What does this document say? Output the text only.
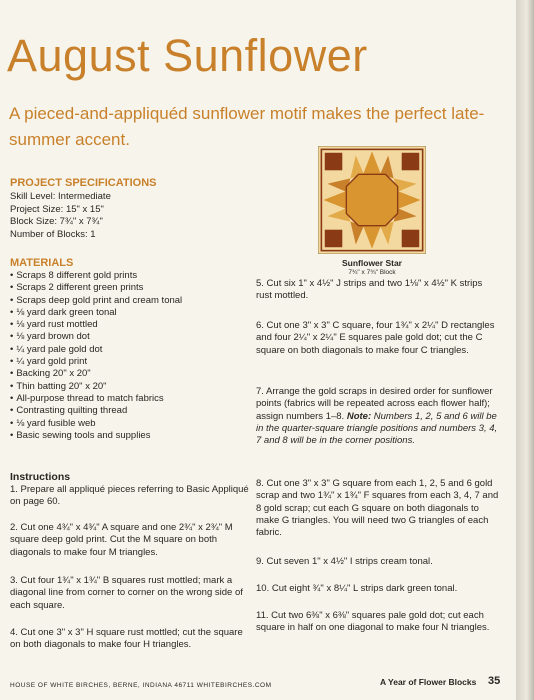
August Sunflower

A pieced-and-appliquéd sunflower motif makes the perfect late-summer accent.

PROJECT SPECIFICATIONS
Skill Level: Intermediate
Project Size: 15" x 15"
Block Size: 7¾" x 7¾"
Number of Blocks: 1
MATERIALS
• Scraps 8 different gold prints
• Scraps 2 different green prints
• Scraps deep gold print and cream tonal
• ⅛ yard dark green tonal
• ⅛ yard rust mottled
• ⅛ yard brown dot
• ¼ yard pale gold dot
• ¼ yard gold print
• Backing 20" x 20"
• Thin batting 20" x 20"
• All-purpose thread to match fabrics
• Contrasting quilting thread
• ⅛ yard fusible web
• Basic sewing tools and supplies
Instructions

1. Prepare all appliqué pieces referring to Basic Appliqué on page 60.

2. Cut one 4¾" x 4¾" A square and one 2¾" x 2¾" M square deep gold print. Cut the M square on both diagonals to make four M triangles.

3. Cut four 1¾" x 1¾" B squares rust mottled; mark a diagonal line from corner to corner on the wrong side of each square.

4. Cut one 3" x 3" H square rust mottled; cut the square on both diagonals to make four H triangles.

Sunflower Star
7¾" x 7¾" Block

5. Cut six 1" x 4½" J strips and two 1⅛" x 4½" K strips rust mottled.

6. Cut one 3" x 3" C square, four 1¾" x 2¼" D rectangles and four 2¼" x 2¼" E squares pale gold dot; cut the C square on both diagonals to make four C triangles.

7. Arrange the gold scraps in desired order for sunflower points (fabrics will be repeated across each flower half); assign numbers 1–8. Note: Numbers 1, 2, 5 and 6 will be in the quarter-square triangle positions and numbers 3, 4, 7 and 8 will be in the corner positions.

8. Cut one 3" x 3" G square from each 1, 2, 5 and 6 gold scrap and two 1¾" x 1¾" F squares from each 3, 4, 7 and 8 gold scrap; cut each G square on both diagonals to make G triangles. You will need two G triangles of each fabric.

9. Cut seven 1" x 4½" I strips cream tonal.

10. Cut eight ¾" x 8¼" L strips dark green tonal.

11. Cut two 6⅜" x 6⅜" squares pale gold dot; cut each square in half on one diagonal to make four N triangles.

HOUSE OF WHITE BIRCHES, BERNE, INDIANA 46711 WHITEBIRCHES.COM	A Year of Flower Blocks 35
